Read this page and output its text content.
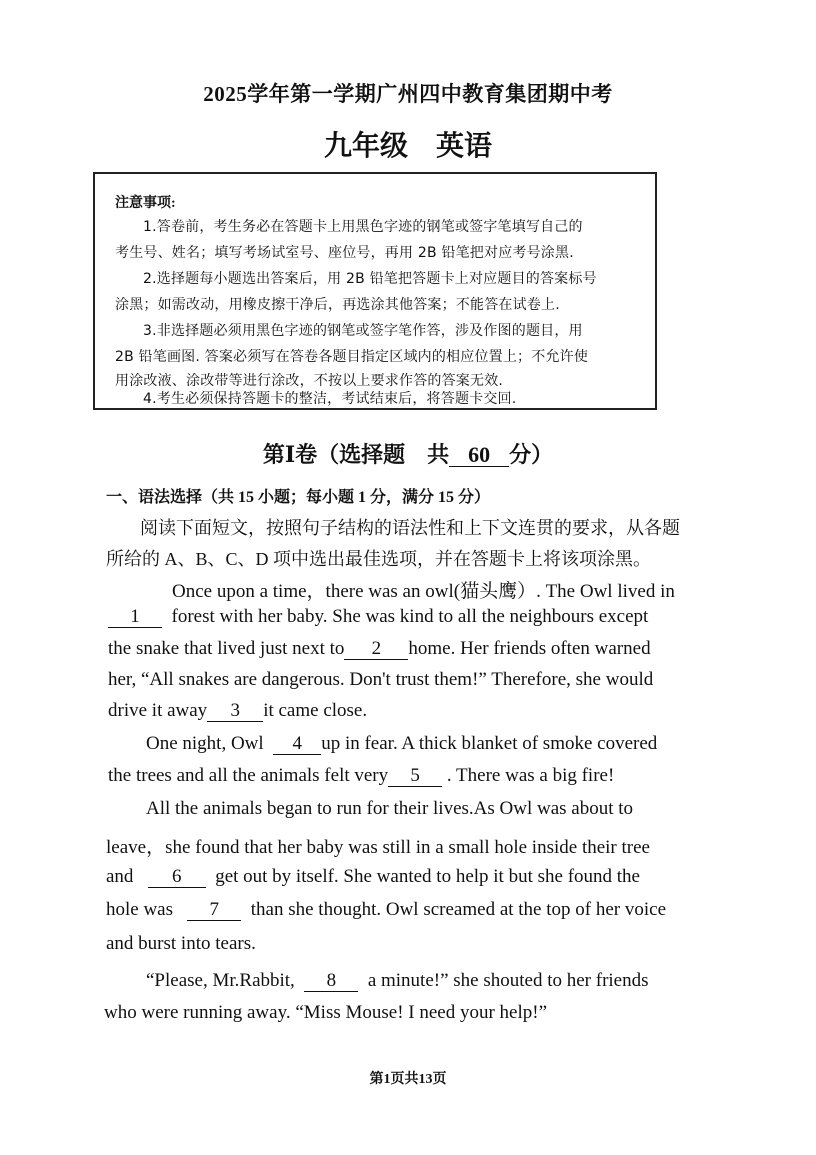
2025学年第一学期广州四中教育集团期中考
九年级 英语
注意事项:
1.答卷前，考生务必在答题卡上用黑色字迹的钢笔或签字笔填写自己的
考生号、姓名；填写考场试室号、座位号，再用 2B 铅笔把对应考号涂黑.
2.选择题每小题选出答案后，用 2B 铅笔把答题卡上对应题目的答案标号
涂黑；如需改动，用橡皮擦干净后，再选涂其他答案；不能答在试卷上.
3.非选择题必须用黑色字迹的钢笔或签字笔作答，涉及作图的题目，用
2B 铅笔画图. 答案必须写在答卷各题目指定区域内的相应位置上；不允许使
用涂改液、涂改带等进行涂改，不按以上要求作答的答案无效.
4.考生必须保持答题卡的整洁，考试结束后，将答题卡交回.
第Ⅰ卷（选择题　共 60 分）
一、语法选择（共 15 小题；每小题 1 分，满分 15 分）
阅读下面短文，按照句子结构的语法性和上下文连贯的要求，从各题
所给的 A、B、C、D 项中选出最佳选项，并在答题卡上将该项涂黑。
Once upon a time，there was an owl(猫头鹰）. The Owl lived in
1 forest with her baby. She was kind to all the neighbours except
the snake that lived just next to 2 home. Her friends often warned
her, “All snakes are dangerous. Don't trust them!” Therefore, she would
drive it away 3 it came close.
One night, Owl 4 up in fear. A thick blanket of smoke covered
the trees and all the animals felt very 5 . There was a big fire!
All the animals began to run for their lives.As Owl was about to
leave，she found that her baby was still in a small hole inside their tree
and 6 get out by itself. She wanted to help it but she found the
hole was 7 than she thought. Owl screamed at the top of her voice
and burst into tears.
“Please, Mr.Rabbit, 8 a minute!” she shouted to her friends
who were running away. “Miss Mouse! I need your help!”
第1页共13页
